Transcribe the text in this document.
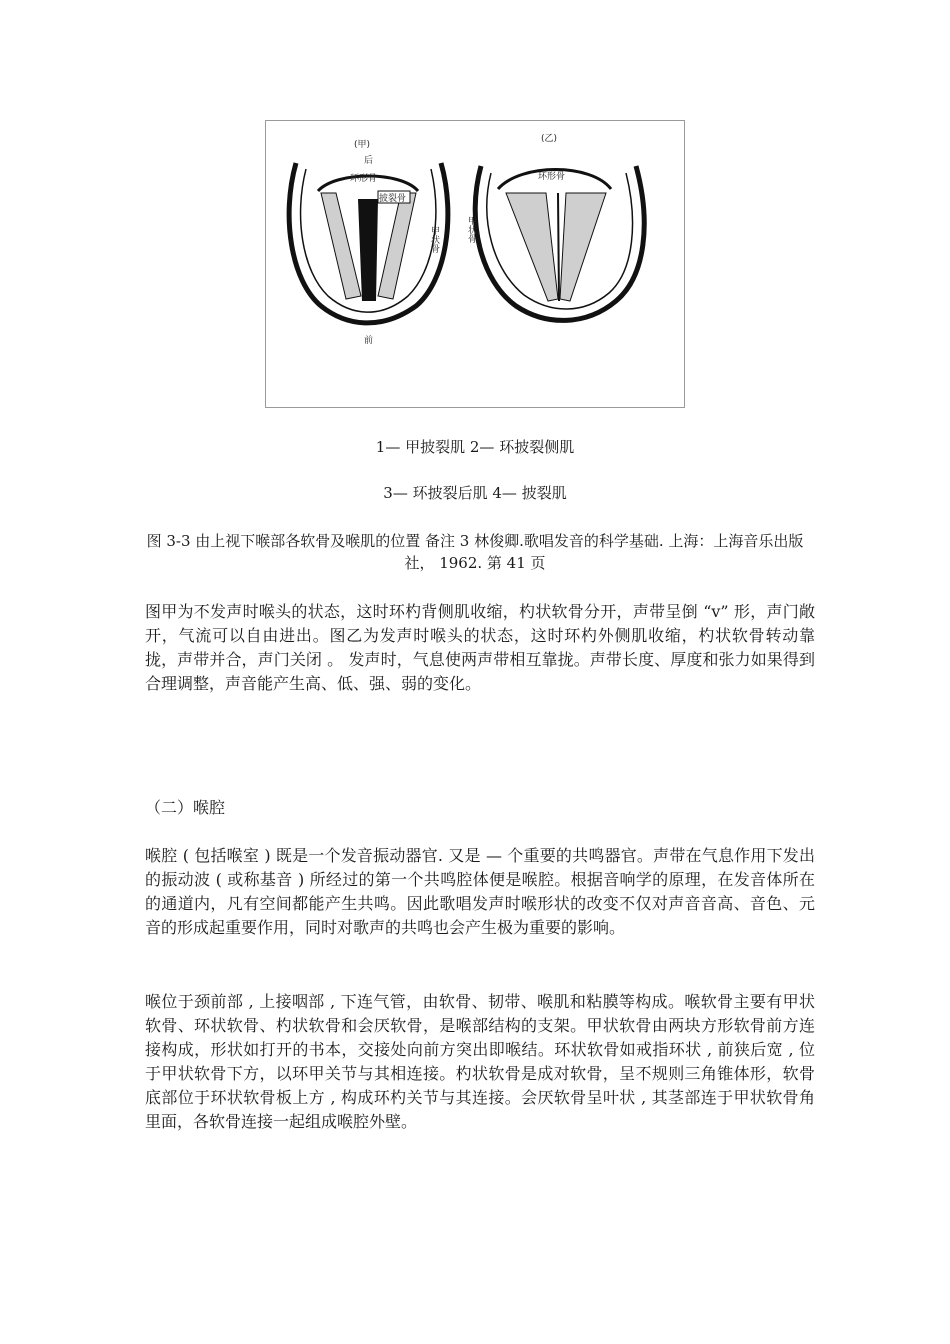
(甲)
后
环形骨
披裂骨
甲状骨
前
(乙)
环形骨
甲状骨
1— 甲披裂肌 2— 环披裂侧肌
3— 环披裂后肌 4— 披裂肌
图 3-3 由上视下喉部各软骨及喉肌的位置 备注 3 林俊卿.歌唱发音的科学基础. 上海：上海音乐出版社， 1962. 第 41 页

图甲为不发声时喉头的状态，这时环杓背侧肌收缩，杓状软骨分开，声带呈倒 “v” 形，声门敞开，气流可以自由进出。图乙为发声时喉头的状态，这时环杓外侧肌收缩，杓状软骨转动靠拢，声带并合，声门关闭 。 发声时，气息使两声带相互靠拢。声带长度、厚度和张力如果得到合理调整，声音能产生高、低、强、弱的变化。

（二）喉腔

喉腔 ( 包括喉室 ) 既是一个发音振动器官. 又是 — 个重要的共鸣器官。声带在气息作用下发出的振动波 ( 或称基音 ) 所经过的第一个共鸣腔体便是喉腔。根据音响学的原理，在发音体所在的通道内，凡有空间都能产生共鸣。因此歌唱发声时喉形状的改变不仅对声音音高、音色、元音的形成起重要作用，同时对歌声的共鸣也会产生极为重要的影响。

喉位于颈前部 , 上接咽部 , 下连气管，由软骨、韧带、喉肌和粘膜等构成。喉软骨主要有甲状软骨、环状软骨、杓状软骨和会厌软骨，是喉部结构的支架。甲状软骨由两块方形软骨前方连接构成，形状如打开的书本，交接处向前方突出即喉结。环状软骨如戒指环状 , 前狭后宽 , 位于甲状软骨下方，以环甲关节与其相连接。杓状软骨是成对软骨，呈不规则三角锥体形，软骨底部位于环状软骨板上方 , 构成环杓关节与其连接。会厌软骨呈叶状 , 其茎部连于甲状软骨角里面，各软骨连接一起组成喉腔外壁。
